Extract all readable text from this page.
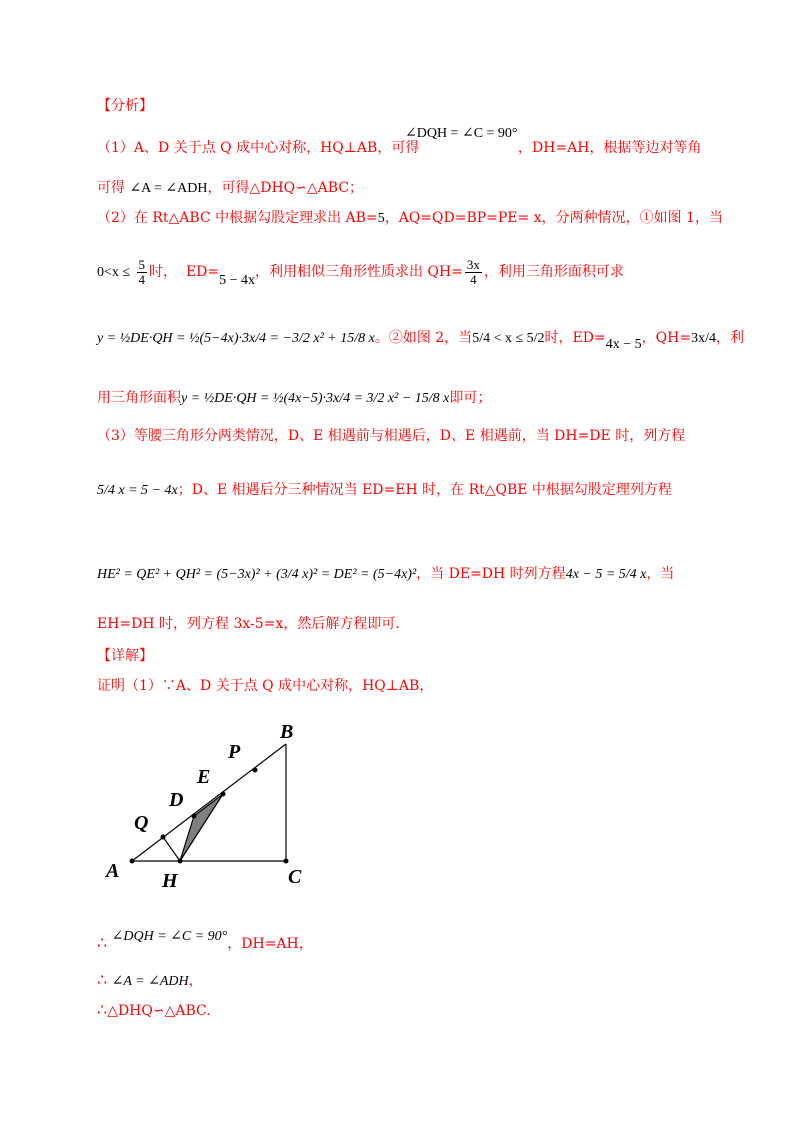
【分析】
（1）A、D 关于点 Q 成中心对称，HQ⊥AB，可得
∠DQH = ∠C = 90°
，DH=AH，根据等边对等角
可得 ∠A = ∠ADH，可得△DHQ∽△ABC；
（2）在 Rt△ABC 中根据勾股定理求出 AB=5，AQ=QD=BP=PE= x，分两种情况，①如图 1，当
$0<x \le \frac{5}{4}$ 时， ED=5 − 4x，利用相似三角形性质求出 $QH= \frac{3x}{4}$ ，利用三角形面积可求
y = ½DE·QH = ½(5−4x)·3x/4 = −3/2 x² + 15/8 x。②如图 2，当5/4 < x ≤ 5/2时，ED=4x − 5，QH=3x/4，利
用三角形面积y = ½DE·QH = ½(4x−5)·3x/4 = 3/2 x² − 15/8 x即可；
（3）等腰三角形分两类情况，D、E 相遇前与相遇后，D、E 相遇前，当 DH=DE 时，列方程
5/4 x = 5 − 4x；D、E 相遇后分三种情况当 ED=EH 时，在 Rt△QBE 中根据勾股定理列方程
HE² = QE² + QH² = (5−3x)² + (3/4 x)² = DE² = (5−4x)²，当 DE=DH 时列方程4x − 5 = 5/4 x，当
EH=DH 时，列方程 3x-5=x，然后解方程即可.
【详解】
证明（1）∵A、D 关于点 Q 成中心对称，HQ⊥AB，
B
P
E
D
Q
A H	C
∴ ∠DQH = ∠C = 90°，DH=AH，
∴ ∠A = ∠ADH，
∴△DHQ∽△ABC.
